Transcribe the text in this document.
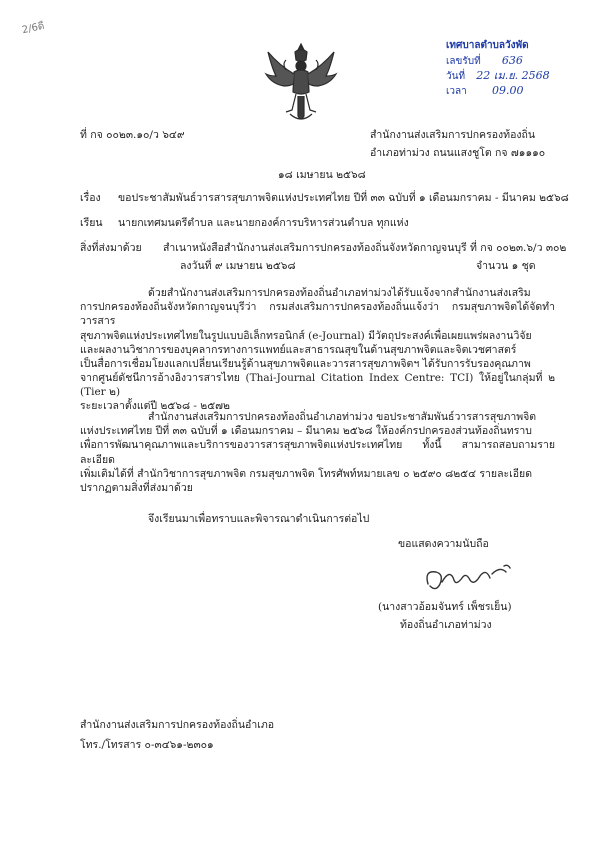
2/6ดี
เทศบาลตำบลวังพัด
เลขรับที่ 636
วันที่ 22 เม.ย. 2568
เวลา 09.00
ที่ กจ ๐๐๒๓.๑๐/ว ๖๔๙	สำนักงานส่งเสริมการปกครองท้องถิ่น
อำเภอท่าม่วง ถนนแสงชูโต กจ ๗๑๑๑๐
๑๘ เมษายน ๒๕๖๘
เรื่อง ขอประชาสัมพันธ์วารสารสุขภาพจิตแห่งประเทศไทย ปีที่ ๓๓ ฉบับที่ ๑ เดือนมกราคม - มีนาคม ๒๕๖๘
เรียน นายกเทศมนตรีตำบล และนายกองค์การบริหารส่วนตำบล ทุกแห่ง
สิ่งที่ส่งมาด้วย สำเนาหนังสือสำนักงานส่งเสริมการปกครองท้องถิ่นจังหวัดกาญจนบุรี ที่ กจ ๐๐๒๓.๖/ว ๓๐๒
ลงวันที่ ๙ เมษายน ๒๕๖๘	จำนวน ๑ ชุด

ด้วยสำนักงานส่งเสริมการปกครองท้องถิ่นอำเภอท่าม่วงได้รับแจ้งจากสำนักงานส่งเสริม

การปกครองท้องถิ่นจังหวัดกาญจนบุรีว่า กรมส่งเสริมการปกครองท้องถิ่นแจ้งว่า กรมสุขภาพจิตได้จัดทำวารสาร

สุขภาพจิตแห่งประเทศไทยในรูปแบบอิเล็กทรอนิกส์ (e-Journal) มีวัตถุประสงค์เพื่อเผยแพร่ผลงานวิจัย

และผลงานวิชาการของบุคลากรทางการแพทย์และสาธารณสุขในด้านสุขภาพจิตและจิตเวชศาสตร์

เป็นสื่อการเชื่อมโยงแลกเปลี่ยนเรียนรู้ด้านสุขภาพจิตและวารสารสุขภาพจิตฯ ได้รับการรับรองคุณภาพ

จากศูนย์ดัชนีการอ้างอิงวารสารไทย (Thai-Journal Citation Index Centre: TCI) ให้อยู่ในกลุ่มที่ ๒ (Tier ๒)

ระยะเวลาตั้งแต่ปี ๒๕๖๘ - ๒๕๗๒

สำนักงานส่งเสริมการปกครองท้องถิ่นอำเภอท่าม่วง ขอประชาสัมพันธ์วารสารสุขภาพจิต

แห่งประเทศไทย ปีที่ ๓๓ ฉบับที่ ๑ เดือนมกราคม – มีนาคม ๒๕๖๘ ให้องค์กรปกครองส่วนท้องถิ่นทราบ

เพื่อการพัฒนาคุณภาพและบริการของวารสารสุขภาพจิตแห่งประเทศไทย ทั้งนี้ สามารถสอบถามรายละเอียด

เพิ่มเติมได้ที่ สำนักวิชาการสุขภาพจิต กรมสุขภาพจิต โทรศัพท์หมายเลข ๐ ๒๕๙๐ ๘๒๕๔ รายละเอียด

ปรากฏตามสิ่งที่ส่งมาด้วย

จึงเรียนมาเพื่อทราบและพิจารณาดำเนินการต่อไป
ขอแสดงความนับถือ
(นางสาวอ้อมจันทร์ เพ็ชรเย็น)
ท้องถิ่นอำเภอท่าม่วง
สำนักงานส่งเสริมการปกครองท้องถิ่นอำเภอ
โทร./โทรสาร ๐-๓๔๖๑-๒๓๐๑
